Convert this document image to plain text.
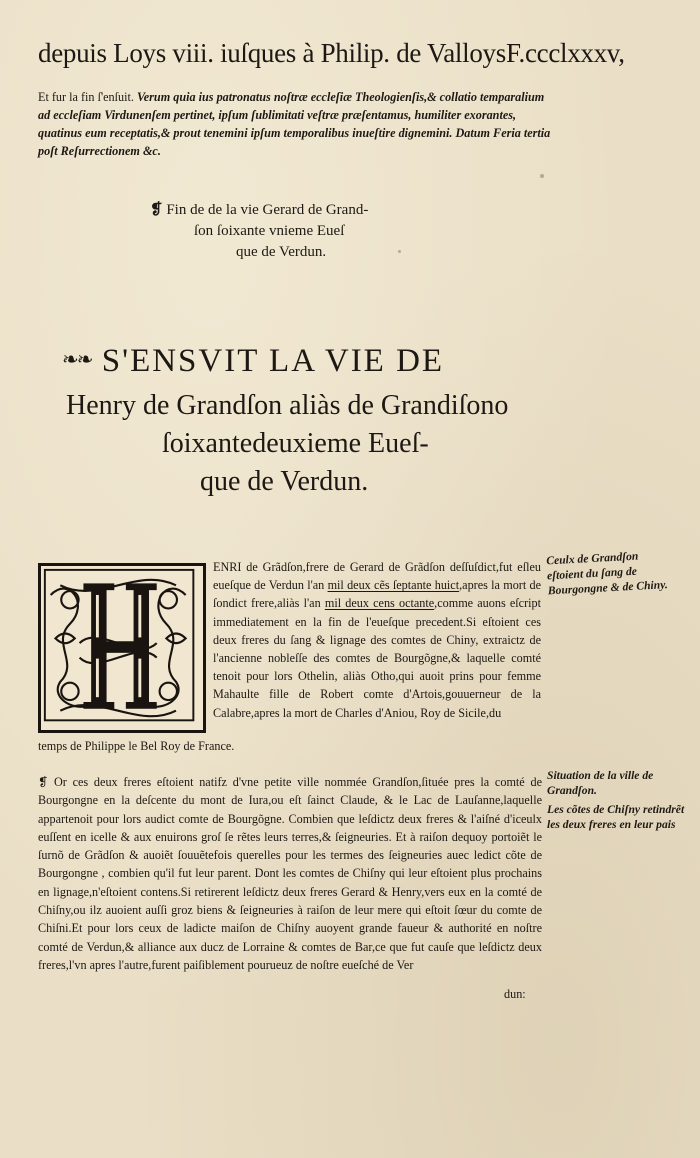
depuis Loys viii. iuſques à Philip. de ValloysF.ccclxxxv,
Et fur la fin ſ'enſuit. Verum quia ius patronatus noſtræ eccleſiæ Theologienſis,& collatio temparalium ad eccleſiam Virdunenſem pertinet, ipſum ſublimitati veſtræ præſentamus, humiliter exorantes, quatinus eum receptatis,& prout tenemini ipſum temporalibus inueſtire dignemini. Datum Feria tertia poſt Reſurrectionem &c.
❡ Fin de de la vie Gerard de Grand-
ſon ſoixante vnieme Eueſ
que de Verdun.
❧❧ S'ENSVIT LA VIE DE
Henry de Grandſon aliàs de Grandiſono
ſoixantedeuxieme Eueſ-
que de Verdun.
ENRI de Grãdſon,frere de Gerard de Grãdſon deſſuſdict,fut eſleu eueſque de Verdun l'an mil deux cẽs ſeptante huict,apres la mort de ſondict frere,aliàs l'an mil deux cens octante,comme auons eſcript immediatement en la fin de l'eueſque precedent.Si eſtoient ces deux freres du ſang & lignage des comtes de Chiny, extraictz de l'ancienne nobleſſe des comtes de Bourgõgne,& laquelle comté tenoit pour lors Othelin, aliàs Otho,qui auoit prins pour femme Mahaulte fille de Robert comte d'Artois,gouuerneur de la Calabre,apres la mort de Charles d'Aniou, Roy de Sicile,du
temps de Philippe le Bel Roy de France.
❡ Or ces deux freres eſtoient natifz d'vne petite ville nommée Grandſon,ſituée pres la comté de Bourgongne en la deſcente du mont de Iura,ou eſt ſainct Claude, & le Lac de Lauſanne,laquelle appartenoit pour lors audict comte de Bourgõgne. Combien que leſdictz deux freres & l'aiſné d'iceulx euſſent en icelle & aux enuirons groſ ſe rẽtes leurs terres,& ſeigneuries. Et à raiſon dequoy portoiẽt le ſurnõ de Grãdſon & auoiẽt ſouuẽtefois querelles pour les termes des ſeigneuries auec ledict cõte de Bourgongne , combien qu'il fut leur parent. Dont les comtes de Chiſny qui leur eſtoient plus prochains en lignage,n'eſtoient contens.Si retirerent leſdictz deux freres Gerard & Henry,vers eux en la comté de Chiſny,ou ilz auoient auſſi groz biens & ſeigneuries à raiſon de leur mere qui eſtoit ſœur du comte de Chiſni.Et pour lors ceux de ladicte maiſon de Chiſny auoyent grande faueur & authorité en noſtre comté de Verdun,& alliance aux ducz de Lorraine & comtes de Bar,ce que fut cauſe que leſdictz deux freres,l'vn apres l'autre,furent paiſiblement pourueuz de noſtre eueſché de Ver
dun:
Ceulx de Grandſon eſtoient du ſang de Bourgongne & de Chiny.
Situation de la ville de Grandſon.
Les cõtes de Chiſny retindrẽt les deux freres en leur pais
